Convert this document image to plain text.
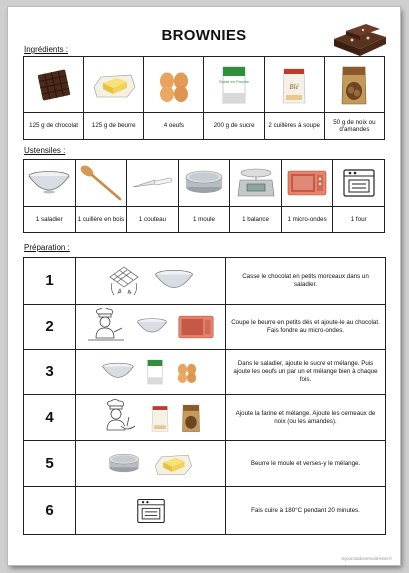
BROWNIES
Ingrédients :

Sucre en Poudre	Blé

125 g de chocolat	125 g de beurre	4 oeufs	200 g de sucre	2 cuillères à soupe	50 g de noix ou d'amandes
Ustensiles :

1 saladier	1 cuillère en bois	1 couteau	1 moule	1 balance	1 micro-ondes	1 four
Préparation :
1		Casse le chocolat en petits morceaux dans un saladier.
2		Coupe le beurre en petits dés et ajoute-le au chocolat. Fais fondre au micro-ondes.
3		Dans le saladier, ajoute le sucre et mélange. Puis ajoute les oeufs un par un et mélange bien à chaque fois.
4		Ajoute la farine et mélange. Ajoute les cerneaux de noix (ou les amandes).
5		Beurre le moule et verses-y le mélange.
6		Fais cuire à 180°C pendant 20 minutes.
lejournaldunemaitresse.fr
